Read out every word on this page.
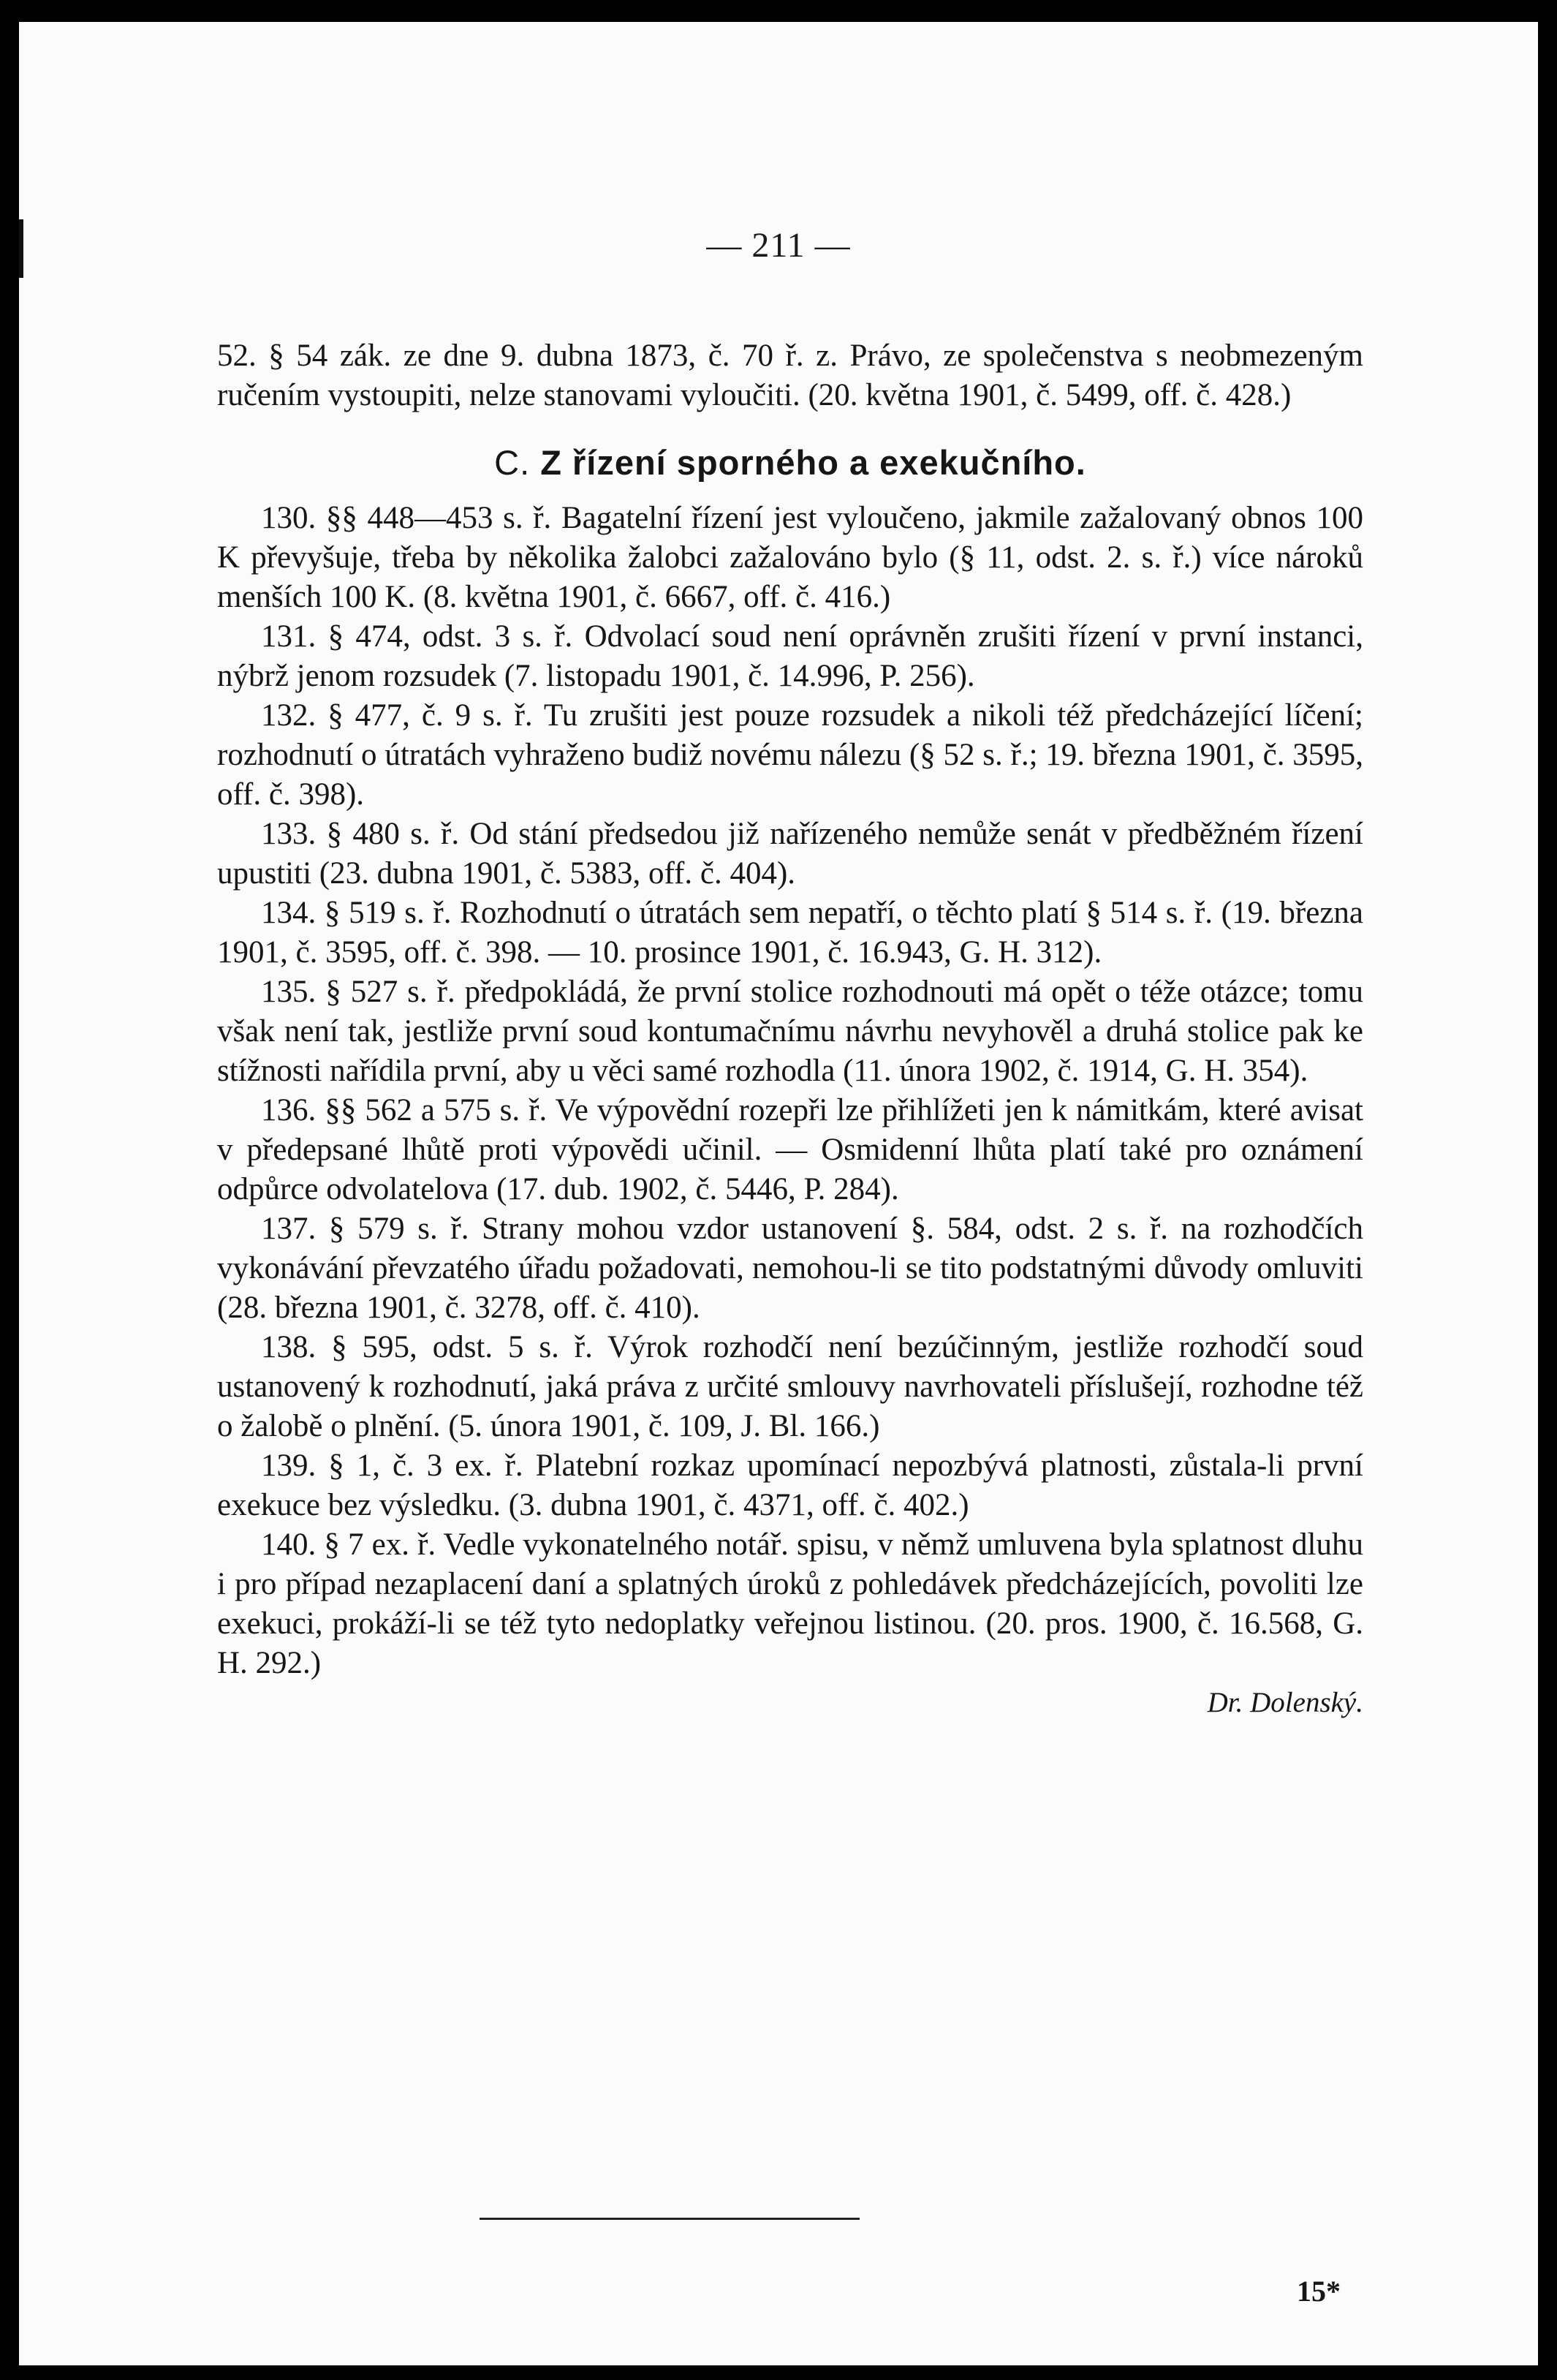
— 211 —

52. § 54 zák. ze dne 9. dubna 1873, č. 70 ř. z. Právo, ze společenstva s neobmezeným ručením vystoupiti, nelze stanovami vyloučiti. (20. května 1901, č. 5499, off. č. 428.)

C. Z řízení sporného a exekučního.

130. §§ 448—453 s. ř. Bagatelní řízení jest vyloučeno, jakmile zažalovaný obnos 100 K převyšuje, třeba by několika žalobci zažalováno bylo (§ 11, odst. 2. s. ř.) více nároků menších 100 K. (8. května 1901, č. 6667, off. č. 416.)

131. § 474, odst. 3 s. ř. Odvolací soud není oprávněn zrušiti řízení v první instanci, nýbrž jenom rozsudek (7. listopadu 1901, č. 14.996, P. 256).

132. § 477, č. 9 s. ř. Tu zrušiti jest pouze rozsudek a nikoli též předcházející líčení; rozhodnutí o útratách vyhraženo budiž novému nálezu (§ 52 s. ř.; 19. března 1901, č. 3595, off. č. 398).

133. § 480 s. ř. Od stání předsedou již nařízeného nemůže senát v předběžném řízení upustiti (23. dubna 1901, č. 5383, off. č. 404).

134. § 519 s. ř. Rozhodnutí o útratách sem nepatří, o těchto platí § 514 s. ř. (19. března 1901, č. 3595, off. č. 398. — 10. prosince 1901, č. 16.943, G. H. 312).

135. § 527 s. ř. předpokládá, že první stolice rozhodnouti má opět o téže otázce; tomu však není tak, jestliže první soud kontumačnímu návrhu nevyhověl a druhá stolice pak ke stížnosti nařídila první, aby u věci samé rozhodla (11. února 1902, č. 1914, G. H. 354).

136. §§ 562 a 575 s. ř. Ve výpovědní rozepři lze přihlížeti jen k námitkám, které avisat v předepsané lhůtě proti výpovědi učinil. — Osmidenní lhůta platí také pro oznámení odpůrce odvolatelova (17. dub. 1902, č. 5446, P. 284).

137. § 579 s. ř. Strany mohou vzdor ustanovení §. 584, odst. 2 s. ř. na rozhodčích vykonávání převzatého úřadu požadovati, nemohou-li se tito podstatnými důvody omluviti (28. března 1901, č. 3278, off. č. 410).

138. § 595, odst. 5 s. ř. Výrok rozhodčí není bezúčinným, jestliže rozhodčí soud ustanovený k rozhodnutí, jaká práva z určité smlouvy navrhovateli příslušejí, rozhodne též o žalobě o plnění. (5. února 1901, č. 109, J. Bl. 166.)

139. § 1, č. 3 ex. ř. Platební rozkaz upomínací nepozbývá platnosti, zůstala-li první exekuce bez výsledku. (3. dubna 1901, č. 4371, off. č. 402.)

140. § 7 ex. ř. Vedle vykonatelného notář. spisu, v němž umluvena byla splatnost dluhu i pro případ nezaplacení daní a splatných úroků z pohledávek předcházejících, povoliti lze exekuci, prokáží-li se též tyto nedoplatky veřejnou listinou. (20. pros. 1900, č. 16.568, G. H. 292.)

Dr. Dolenský.
15*
